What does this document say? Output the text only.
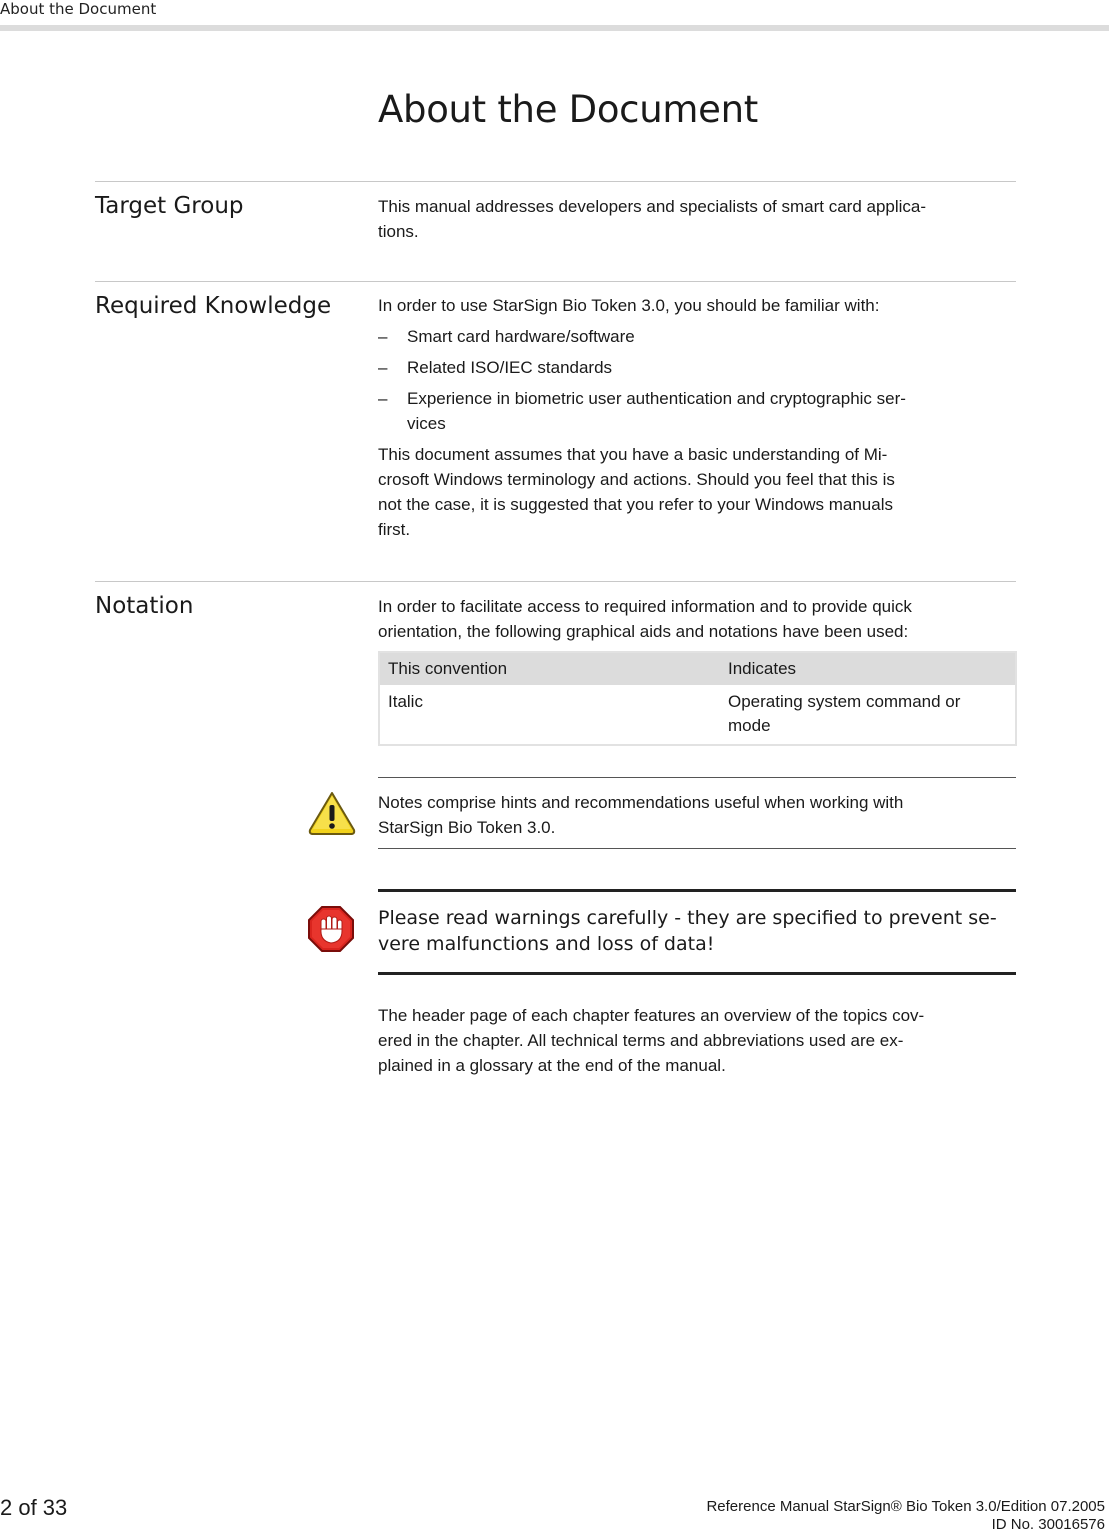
About the Document
About the Document
Target Group	This manual addresses developers and specialists of smart card applica-

tions.

Required Knowledge	In order to use StarSign Bio Token 3.0, you should be familiar with:

– Smart card hardware/software
– Related ISO/IEC standards
– Experience in biometric user authentication and cryptographic ser-
vices

This document assumes that you have a basic understanding of Mi-

crosoft Windows terminology and actions. Should you feel that this is

not the case, it is suggested that you refer to your Windows manuals

first.

Notation	In order to facilitate access to required information and to provide quick

orientation, the following graphical aids and notations have been used:

This convention	Indicates
Italic	Operating system command or
mode
Notes comprise hints and recommendations useful when working with
StarSign Bio Token 3.0.
Please read warnings carefully - they are specified to prevent se-
vere malfunctions and loss of data!

The header page of each chapter features an overview of the topics cov-

ered in the chapter. All technical terms and abbreviations used are ex-

plained in a glossary at the end of the manual.

2 of 33	Reference Manual StarSign® Bio Token 3.0/Edition 07.2005
ID No. 30016576
